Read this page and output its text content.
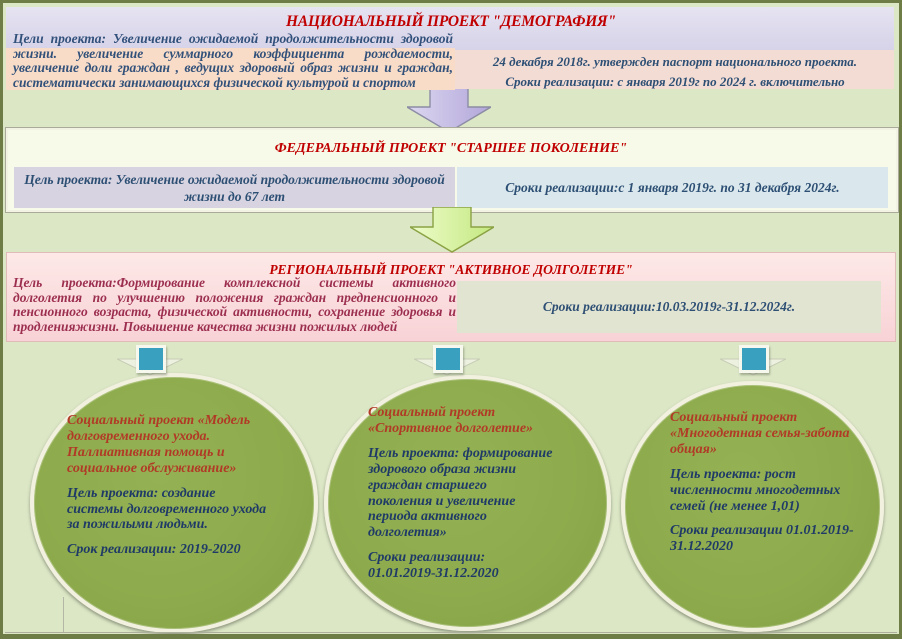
НАЦИОНАЛЬНЫЙ ПРОЕКТ "ДЕМОГРАФИЯ"
Цели проекта: Увеличение ожидаемой продолжительности здоровой жизни. увеличение суммарного коэффициента рождаемости, увеличение доли граждан , ведущих здоровый образ жизни и граждан, систематически занимающихся физической культурой и спортом
24 декабря 2018г. утвержден паспорт национального проекта.
Сроки реализации: с января 2019г по 2024 г. включительно
ФЕДЕРАЛЬНЫЙ ПРОЕКТ "СТАРШЕЕ ПОКОЛЕНИЕ"
Цель проекта: Увеличение ожидаемой продолжительности здоровой жизни до 67 лет
Сроки реализации:с 1 января 2019г. по 31 декабря 2024г.
РЕГИОНАЛЬНЫЙ ПРОЕКТ "АКТИВНОЕ ДОЛГОЛЕТИЕ"
Цель проекта:Формирование комплексной системы активного долголетия по улучшению положения граждан предпенсионного и пенсионного возраста, физической активности, сохранение здоровья и продленияжизни. Повышение качества жизни пожилых людей
Сроки реализации:10.03.2019г-31.12.2024г.

Социальный проект «Модель долговременного ухода. Паллиативная помощь и социальное обслуживание»

Цель проекта: создание системы долговременного ухода за пожилыми людьми.

Срок реализации: 2019-2020

Социальный проект «Спортивное долголетие»

Цель проекта: формирование здорового образа жизни граждан старшего поколения и увеличение периода активного долголетия»

Сроки реализации: 01.01.2019-31.12.2020

Социальный проект «Многодетная семья-забота общая»

Цель проекта: рост численности многодетных семей (не менее 1,01)

Сроки реализации 01.01.2019-31.12.2020
